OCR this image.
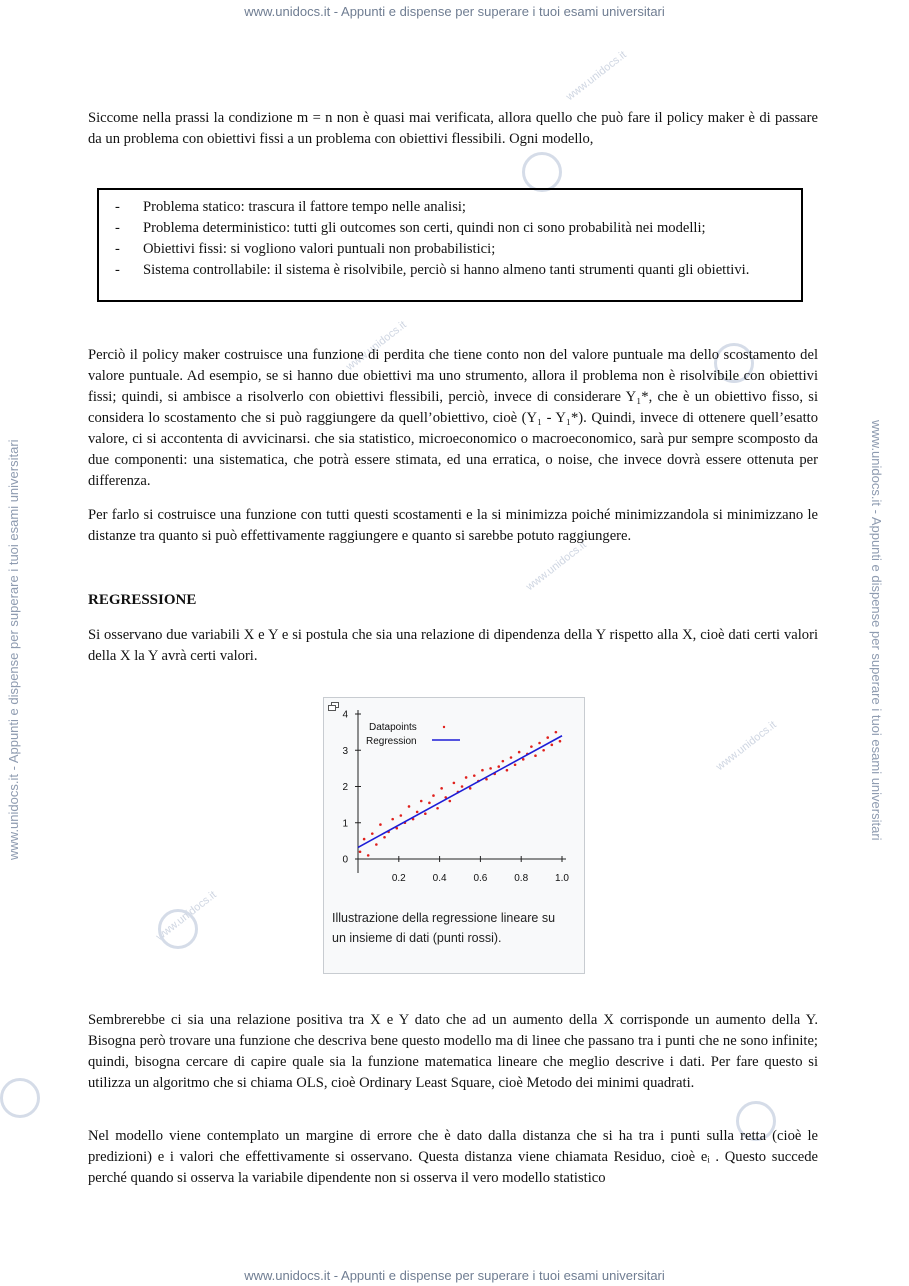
www.unidocs.it - Appunti e dispense per superare i tuoi esami universitari
www.unidocs.it - Appunti e dispense per superare i tuoi esami universitari
www.unidocs.it - Appunti e dispense per superare i tuoi esami universitari	www.unidocs.it - Appunti e dispense per superare i tuoi esami universitari
www.unidocs.it
www.unidocs.it
www.unidocs.it
www.unidocs.it
www.unidocs.it

Siccome nella prassi la condizione m = n non è quasi mai verificata, allora quello che può fare il policy maker è di passare da un problema con obiettivi fissi a un problema con obiettivi flessibili. Ogni modello,

- Problema statico: trascura il fattore tempo nelle analisi;
- Problema deterministico: tutti gli outcomes son certi, quindi non ci sono probabilità nei modelli;
- Obiettivi fissi: si vogliono valori puntuali non probabilistici;
- Sistema controllabile: il sistema è risolvibile, perciò si hanno almeno tanti strumenti quanti gli obiettivi.

Perciò il policy maker costruisce una funzione di perdita che tiene conto non del valore puntuale ma dello scostamento del valore puntuale. Ad esempio, se si hanno due obiettivi ma uno strumento, allora il problema non è risolvibile con obiettivi fissi; quindi, si ambisce a risolverlo con obiettivi flessibili, perciò, invece di considerare Y₁*, che è un obiettivo fisso, si considera lo scostamento che si può raggiungere da quell’obiettivo, cioè (Y₁ - Y₁*). Quindi, invece di ottenere quell’esatto valore, ci si accontenta di avvicinarsi. che sia statistico, microeconomico o macroeconomico, sarà pur sempre scomposto da due componenti: una sistematica, che potrà essere stimata, ed una erratica, o noise, che invece dovrà essere ottenuta per differenza.

Per farlo si costruisce una funzione con tutti questi scostamenti e la si minimizza poiché minimizzandola si minimizzano le distanze tra quanto si può effettivamente raggiungere e quanto si sarebbe potuto raggiungere.

REGRESSIONE

Si osservano due variabili X e Y e si postula che sia una relazione di dipendenza della Y rispetto alla X, cioè dati certi valori della X la Y avrà certi valori.

0.2	0.4	0.6	0.8	1.0
0
1
2
3
4
Datapoints
Regression
Illustrazione della regressione lineare su un insieme di dati (punti rossi).

Sembrerebbe ci sia una relazione positiva tra X e Y dato che ad un aumento della X corrisponde un aumento della Y. Bisogna però trovare una funzione che descriva bene questo modello ma di linee che passano tra i punti che ne sono infinite; quindi, bisogna cercare di capire quale sia la funzione matematica lineare che meglio descrive i dati. Per fare questo si utilizza un algoritmo che si chiama OLS, cioè Ordinary Least Square, cioè Metodo dei minimi quadrati.

Nel modello viene contemplato un margine di errore che è dato dalla distanza che si ha tra i punti sulla retta (cioè le predizioni) e i valori che effettivamente si osservano. Questa distanza viene chiamata Residuo, cioè eᵢ . Questo succede perché quando si osserva la variabile dipendente non si osserva il vero modello statistico
